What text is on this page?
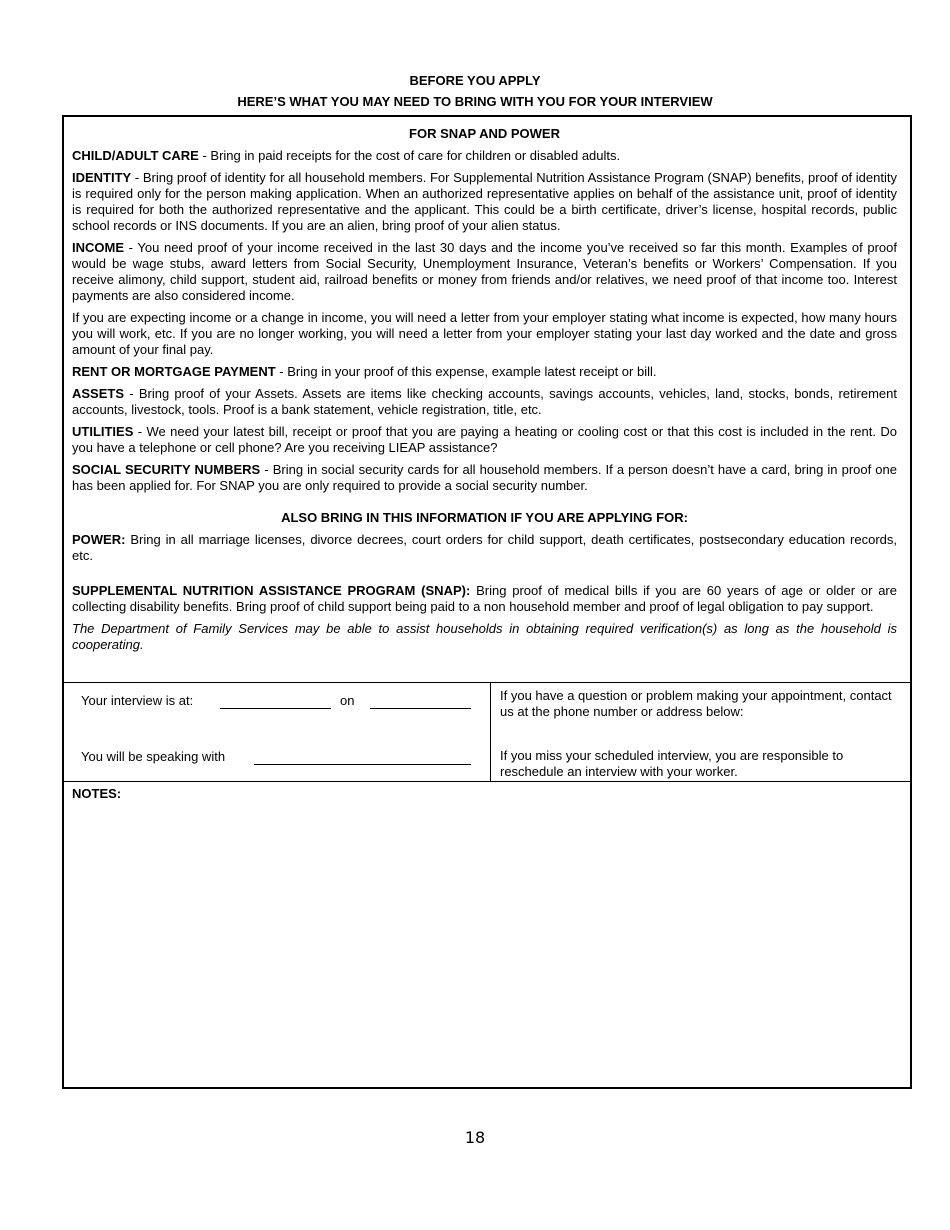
BEFORE YOU APPLY
HERE’S WHAT YOU MAY NEED TO BRING WITH YOU FOR YOUR INTERVIEW

FOR SNAP AND POWER

CHILD/ADULT CARE - Bring in paid receipts for the cost of care for children or disabled adults.

IDENTITY - Bring proof of identity for all household members. For Supplemental Nutrition Assistance Program (SNAP) benefits, proof of identity is required only for the person making application. When an authorized representative applies on behalf of the assistance unit, proof of identity is required for both the authorized representative and the applicant. This could be a birth certificate, driver’s license, hospital records, public school records or INS documents. If you are an alien, bring proof of your alien status.

INCOME - You need proof of your income received in the last 30 days and the income you’ve received so far this month. Examples of proof would be wage stubs, award letters from Social Security, Unemployment Insurance, Veteran’s benefits or Workers’ Compensation. If you receive alimony, child support, student aid, railroad benefits or money from friends and/or relatives, we need proof of that income too. Interest payments are also considered income.

If you are expecting income or a change in income, you will need a letter from your employer stating what income is expected, how many hours you will work, etc. If you are no longer working, you will need a letter from your employer stating your last day worked and the date and gross amount of your final pay.

RENT OR MORTGAGE PAYMENT - Bring in your proof of this expense, example latest receipt or bill.

ASSETS - Bring proof of your Assets. Assets are items like checking accounts, savings accounts, vehicles, land, stocks, bonds, retirement accounts, livestock, tools. Proof is a bank statement, vehicle registration, title, etc.

UTILITIES - We need your latest bill, receipt or proof that you are paying a heating or cooling cost or that this cost is included in the rent. Do you have a telephone or cell phone? Are you receiving LIEAP assistance?

SOCIAL SECURITY NUMBERS - Bring in social security cards for all household members. If a person doesn’t have a card, bring in proof one has been applied for. For SNAP you are only required to provide a social security number.

ALSO BRING IN THIS INFORMATION IF YOU ARE APPLYING FOR:

POWER: Bring in all marriage licenses, divorce decrees, court orders for child support, death certificates, postsecondary education records, etc.

SUPPLEMENTAL NUTRITION ASSISTANCE PROGRAM (SNAP): Bring proof of medical bills if you are 60 years of age or older or are collecting disability benefits. Bring proof of child support being paid to a non household member and proof of legal obligation to pay support.

The Department of Family Services may be able to assist households in obtaining required verification(s) as long as the household is cooperating.

Your interview is at:	on
You will be speaking with
If you have a question or problem making your appointment, contact us at the phone number or address below:
If you miss your scheduled interview, you are responsible to reschedule an interview with your worker.
NOTES:
18
